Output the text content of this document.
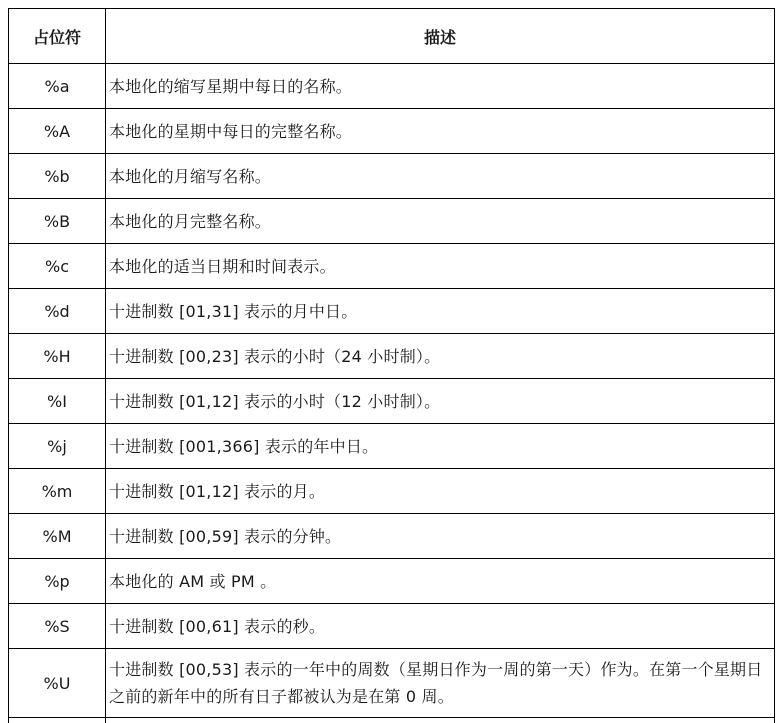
占位符	描述
%a	本地化的缩写星期中每日的名称。
%A	本地化的星期中每日的完整名称。
%b	本地化的月缩写名称。
%B	本地化的月完整名称。
%c	本地化的适当日期和时间表示。
%d	十进制数 [01,31] 表示的月中日。
%H	十进制数 [00,23] 表示的小时（24 小时制）。
%I	十进制数 [01,12] 表示的小时（12 小时制）。
%j	十进制数 [001,366] 表示的年中日。
%m	十进制数 [01,12] 表示的月。
%M	十进制数 [00,59] 表示的分钟。
%p	本地化的 AM 或 PM 。
%S	十进制数 [00,61] 表示的秒。
%U	十进制数 [00,53] 表示的一年中的周数（星期日作为一周的第一天）作为。在第一个星期日之前的新年中的所有日子都被认为是在第 0 周。
